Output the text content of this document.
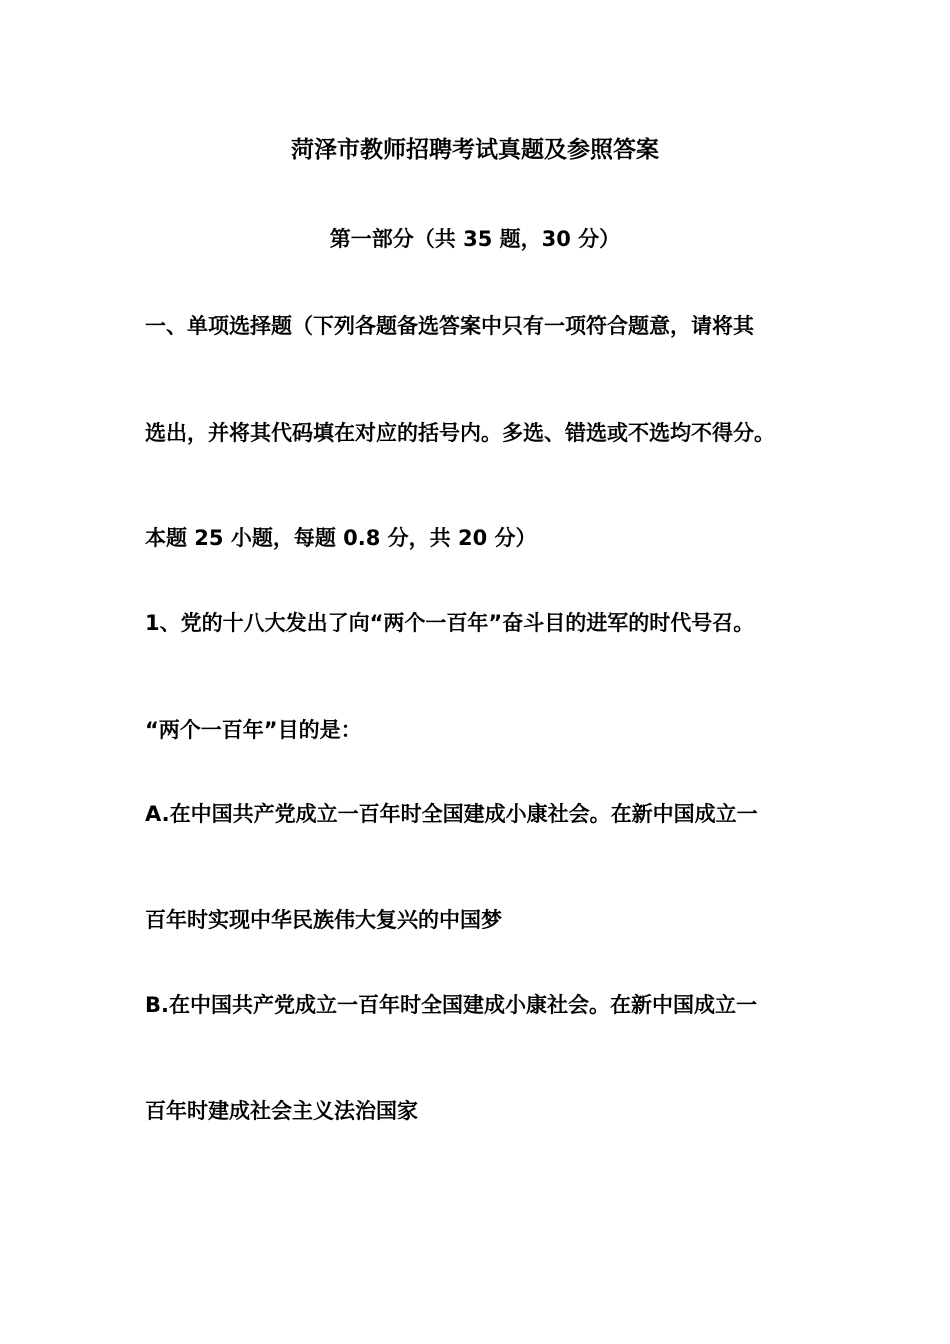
菏泽市教师招聘考试真题及参照答案
第一部分（共 35 题，30 分）
一、单项选择题（下列各题备选答案中只有一项符合题意，请将其
选出，并将其代码填在对应的括号内。多选、错选或不选均不得分。
本题 25 小题，每题 0.8 分，共 20 分）
1、党的十八大发出了向“两个一百年”奋斗目的进军的时代号召。
“两个一百年”目的是：
A.在中国共产党成立一百年时全国建成小康社会。在新中国成立一
百年时实现中华民族伟大复兴的中国梦
B.在中国共产党成立一百年时全国建成小康社会。在新中国成立一
百年时建成社会主义法治国家
